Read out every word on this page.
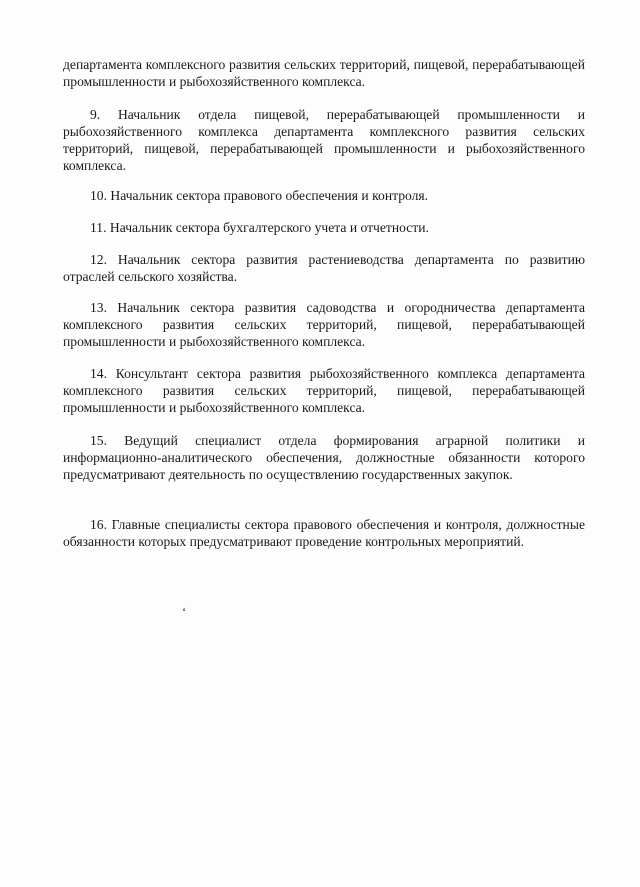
департамента комплексного развития сельских территорий, пищевой, перерабатывающей промышленности и рыбохозяйственного комплекса.

9. Начальник отдела пищевой, перерабатывающей промышленности и рыбохозяйственного комплекса департамента комплексного развития сельских территорий, пищевой, перерабатывающей промышленности и рыбохозяйственного комплекса.

10. Начальник сектора правового обеспечения и контроля.

11. Начальник сектора бухгалтерского учета и отчетности.

12. Начальник сектора развития растениеводства департамента по развитию отраслей сельского хозяйства.

13. Начальник сектора развития садоводства и огородничества департамента комплексного развития сельских территорий, пищевой, перерабатывающей промышленности и рыбохозяйственного комплекса.

14. Консультант сектора развития рыбохозяйственного комплекса департамента комплексного развития сельских территорий, пищевой, перерабатывающей промышленности и рыбохозяйственного комплекса.

15. Ведущий специалист отдела формирования аграрной политики и информационно-аналитического обеспечения, должностные обязанности которого предусматривают деятельность по осуществлению государственных закупок.

16. Главные специалисты сектора правового обеспечения и контроля, должностные обязанности которых предусматривают проведение контрольных мероприятий.

ʻ
